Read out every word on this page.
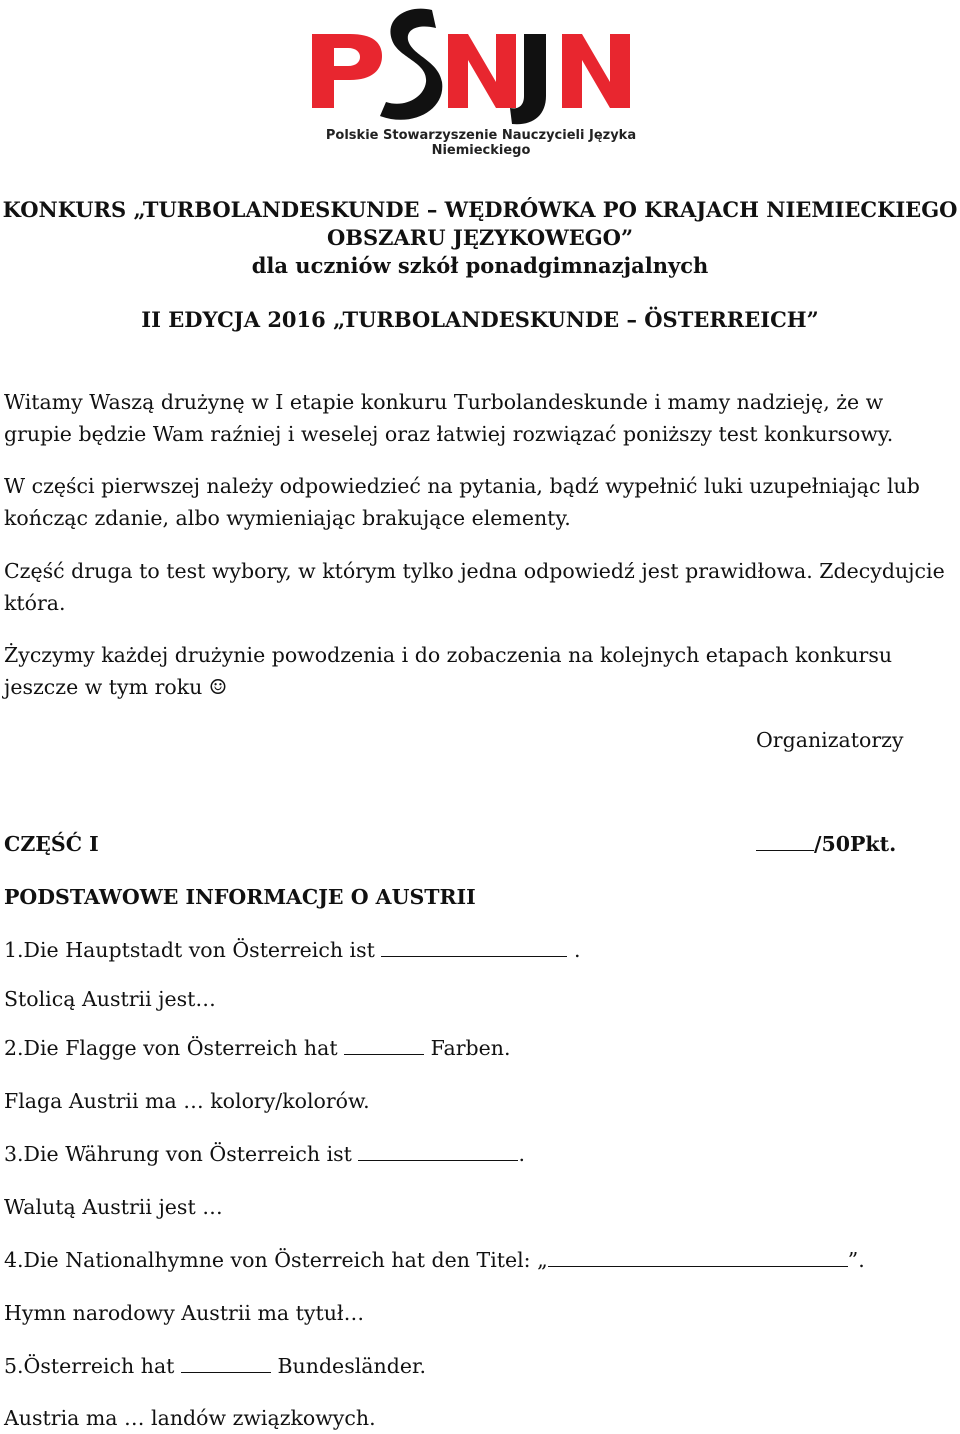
Polskie Stowarzyszenie Nauczycieli Języka Niemieckiego
KONKURS „TURBOLANDESKUNDE – WĘDRÓWKA PO KRAJACH NIEMIECKIEGO
OBSZARU JĘZYKOWEGO”
dla uczniów szkół ponadgimnazjalnych
II EDYCJA 2016 „TURBOLANDESKUNDE – ÖSTERREICH”
Witamy Waszą drużynę w I etapie konkuru Turbolandeskunde i mamy nadzieję, że w grupie będzie Wam raźniej i weselej oraz łatwiej rozwiązać poniższy test konkursowy.
W części pierwszej należy odpowiedzieć na pytania, bądź wypełnić luki uzupełniając lub kończąc zdanie, albo wymieniając brakujące elementy.
Część druga to test wybory, w którym tylko jedna odpowiedź jest prawidłowa. Zdecydujcie która.
Życzymy każdej drużynie powodzenia i do zobaczenia na kolejnych etapach konkursu jeszcze w tym roku ☺
Organizatorzy
CZĘŚĆ I	/50Pkt.
PODSTAWOWE INFORMACJE O AUSTRII
1.Die Hauptstadt von Österreich ist	.
Stolicą Austrii jest…
2.Die Flagge von Österreich hat	Farben.
Flaga Austrii ma … kolory/kolorów.
3.Die Währung von Österreich ist	.
Walutą Austrii jest …
4.Die Nationalhymne von Österreich hat den Titel: „	”.
Hymn narodowy Austrii ma tytuł…
5.Österreich hat	Bundesländer.
Austria ma … landów związkowych.
